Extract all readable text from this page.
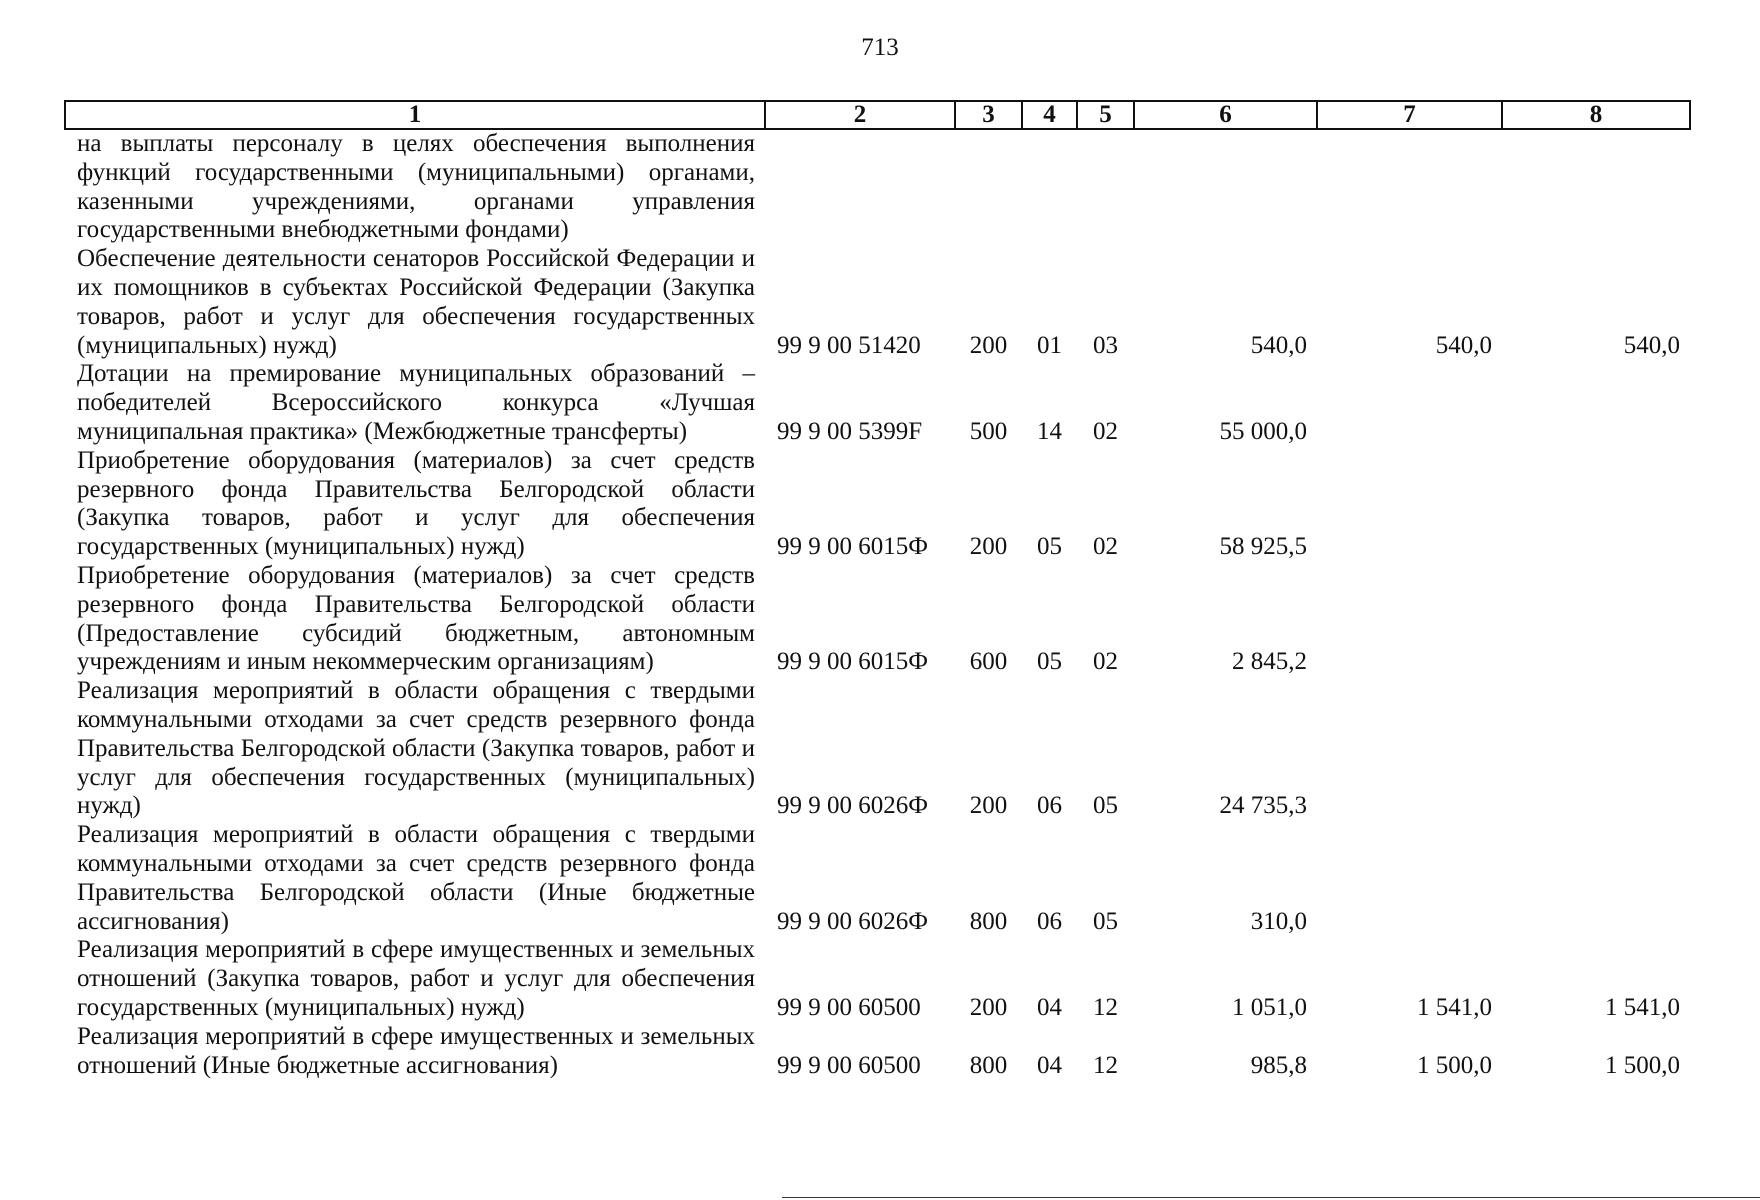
713
1	2	3	4	5	6	7	8
на выплаты персоналу в целях обеспечения выполнения функций государственными (муниципальными) органами, казенными учреждениями, органами управления государственными внебюджетными фондами)							
Обеспечение деятельности сенаторов Российской Федерации и их помощников в субъектах Российской Федерации (Закупка товаров, работ и услуг для обеспечения государственных (муниципальных) нужд)	99 9 00 51420	200	01	03	540,0	540,0	540,0
Дотации на премирование муниципальных образований – победителей Всероссийского конкурса «Лучшая муниципальная практика» (Межбюджетные трансферты)	99 9 00 5399F	500	14	02	55 000,0		
Приобретение оборудования (материалов) за счет средств резервного фонда Правительства Белгородской области (Закупка товаров, работ и услуг для обеспечения государственных (муниципальных) нужд)	99 9 00 6015Ф	200	05	02	58 925,5		
Приобретение оборудования (материалов) за счет средств резервного фонда Правительства Белгородской области (Предоставление субсидий бюджетным, автономным учреждениям и иным некоммерческим организациям)	99 9 00 6015Ф	600	05	02	2 845,2		
Реализация мероприятий в области обращения с твердыми коммунальными отходами за счет средств резервного фонда Правительства Белгородской области (Закупка товаров, работ и услуг для обеспечения государственных (муниципальных) нужд)	99 9 00 6026Ф	200	06	05	24 735,3		
Реализация мероприятий в области обращения с твердыми коммунальными отходами за счет средств резервного фонда Правительства Белгородской области (Иные бюджетные ассигнования)	99 9 00 6026Ф	800	06	05	310,0		
Реализация мероприятий в сфере имущественных и земельных отношений (Закупка товаров, работ и услуг для обеспечения государственных (муниципальных) нужд)	99 9 00 60500	200	04	12	1 051,0	1 541,0	1 541,0
Реализация мероприятий в сфере имущественных и земельных отношений (Иные бюджетные ассигнования)	99 9 00 60500	800	04	12	985,8	1 500,0	1 500,0
